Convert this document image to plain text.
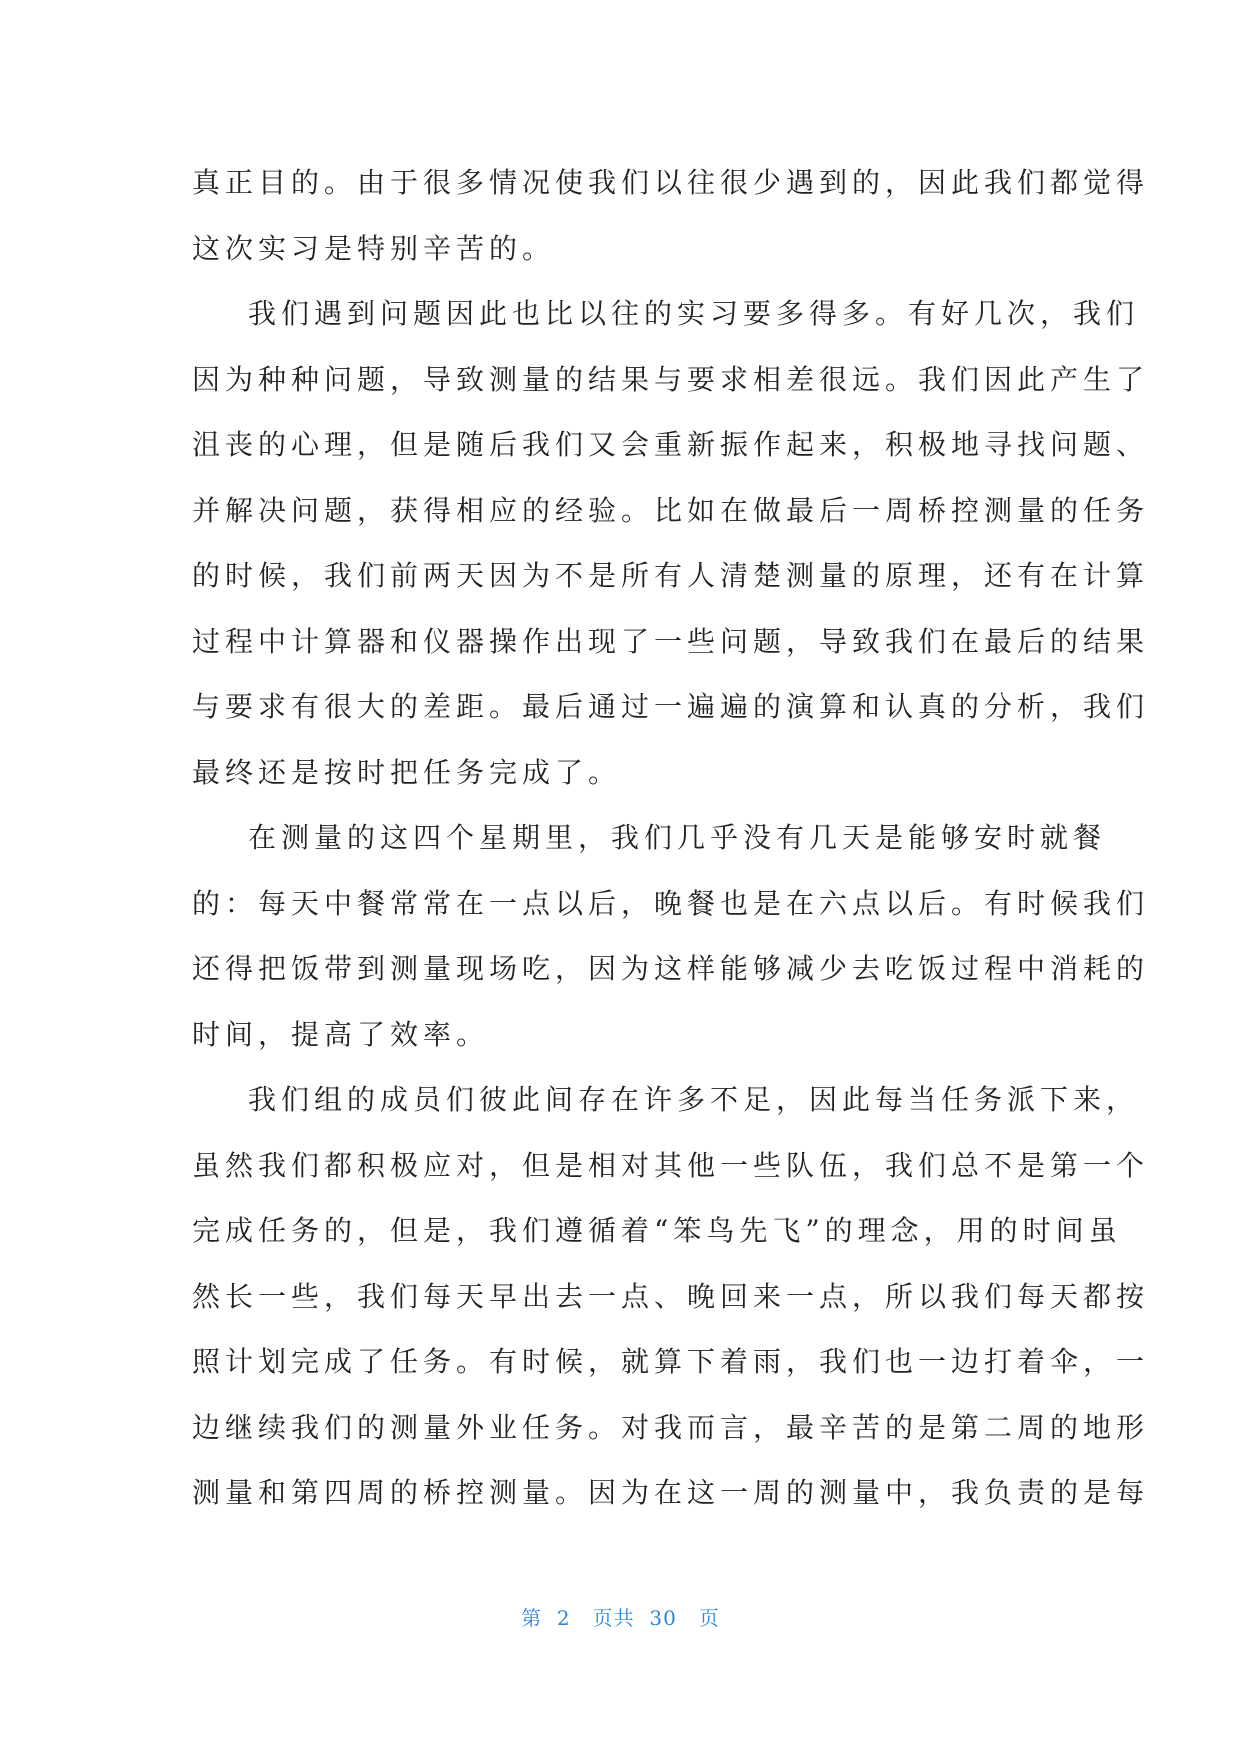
真正目的。由于很多情况使我们以往很少遇到的，因此我们都觉得
这次实习是特别辛苦的。
我们遇到问题因此也比以往的实习要多得多。有好几次，我们
因为种种问题，导致测量的结果与要求相差很远。我们因此产生了
沮丧的心理，但是随后我们又会重新振作起来，积极地寻找问题、
并解决问题，获得相应的经验。比如在做最后一周桥控测量的任务
的时候，我们前两天因为不是所有人清楚测量的原理，还有在计算
过程中计算器和仪器操作出现了一些问题，导致我们在最后的结果
与要求有很大的差距。最后通过一遍遍的演算和认真的分析，我们
最终还是按时把任务完成了。
在测量的这四个星期里，我们几乎没有几天是能够安时就餐
的：每天中餐常常在一点以后，晚餐也是在六点以后。有时候我们
还得把饭带到测量现场吃，因为这样能够减少去吃饭过程中消耗的
时间，提高了效率。
我们组的成员们彼此间存在许多不足，因此每当任务派下来，
虽然我们都积极应对，但是相对其他一些队伍，我们总不是第一个
完成任务的，但是，我们遵循着“笨鸟先飞”的理念，用的时间虽
然长一些，我们每天早出去一点、晚回来一点，所以我们每天都按
照计划完成了任务。有时候，就算下着雨，我们也一边打着伞，一
边继续我们的测量外业任务。对我而言，最辛苦的是第二周的地形
测量和第四周的桥控测量。因为在这一周的测量中，我负责的是每
第 2 页共 30 页
